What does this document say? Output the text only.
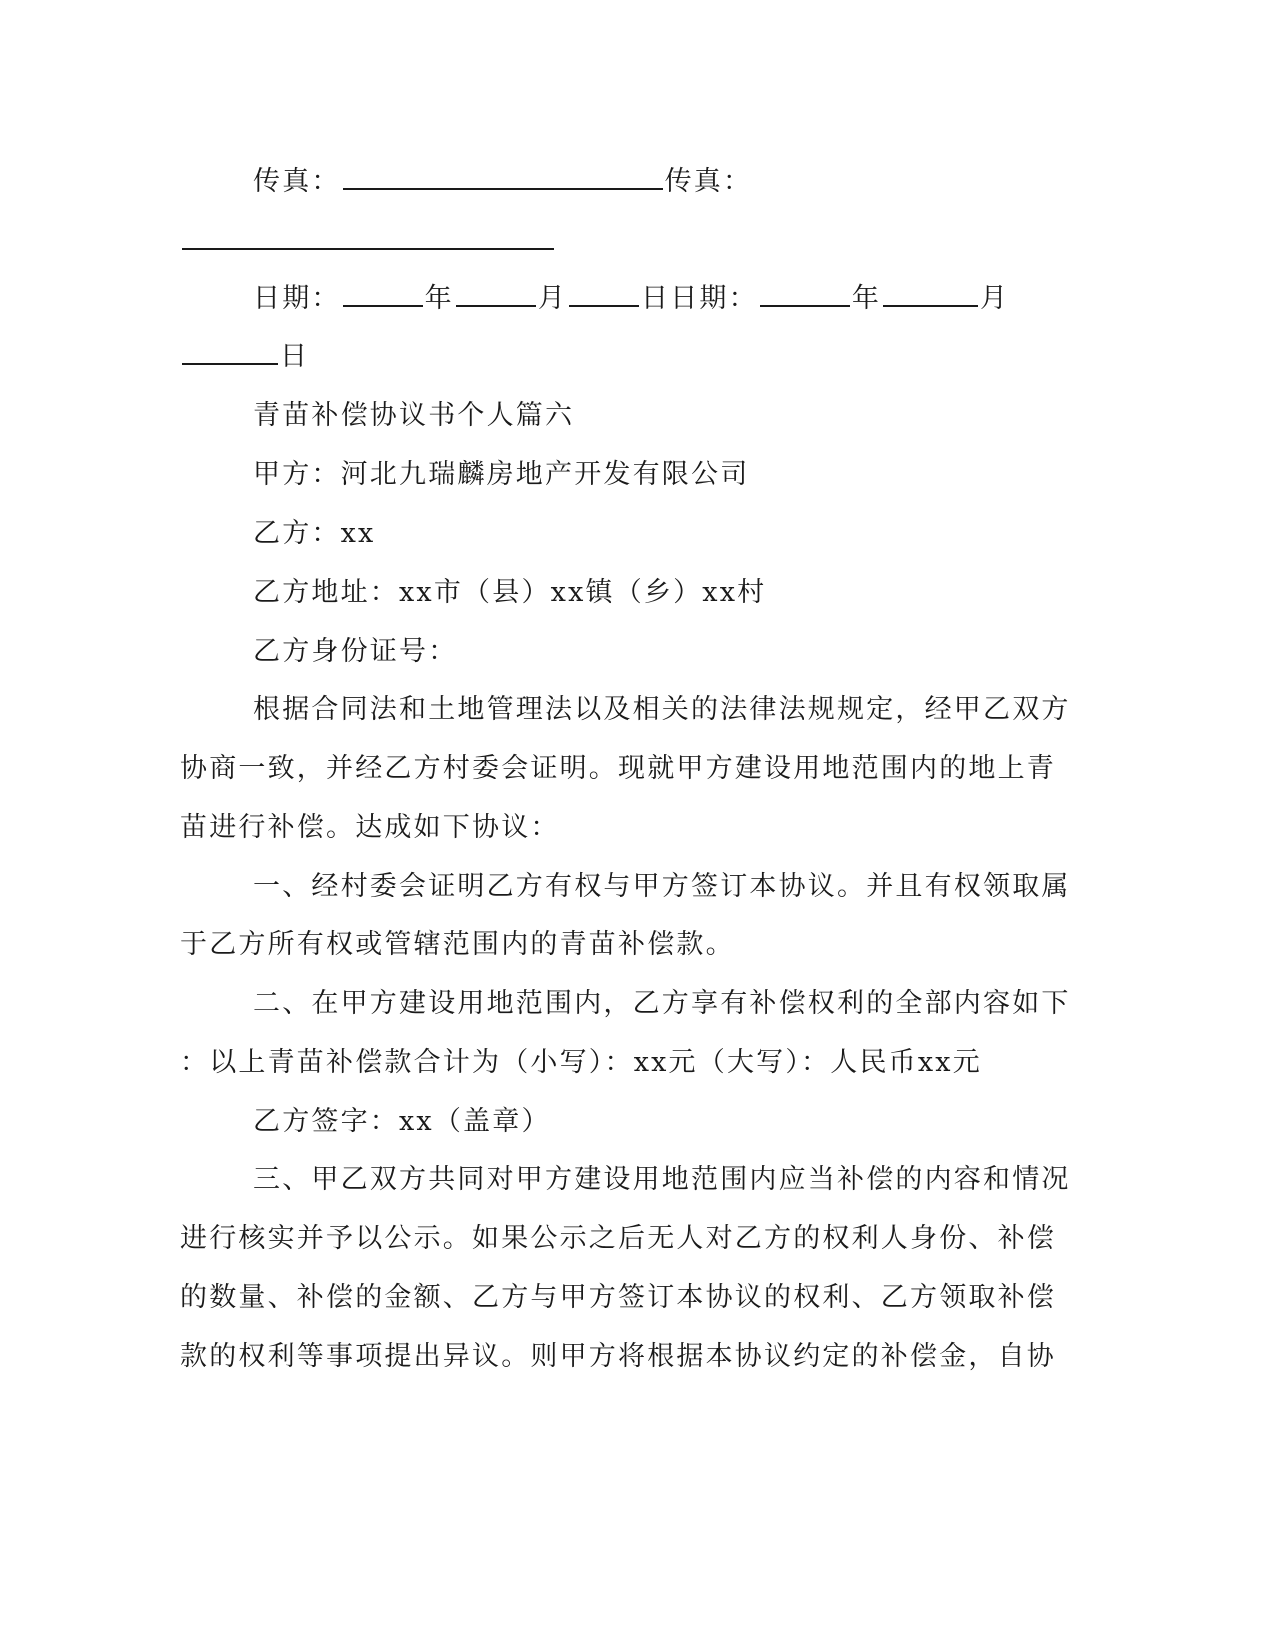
传真：	传真：
日期：	年	月	日日期：	年	月
日
青苗补偿协议书个人篇六
甲方：河北九瑞麟房地产开发有限公司
乙方：xx
乙方地址：xx市（县）xx镇（乡）xx村
乙方身份证号：
根据合同法和土地管理法以及相关的法律法规规定，经甲乙双方
协商一致，并经乙方村委会证明。现就甲方建设用地范围内的地上青
苗进行补偿。达成如下协议：
一、经村委会证明乙方有权与甲方签订本协议。并且有权领取属
于乙方所有权或管辖范围内的青苗补偿款。
二、在甲方建设用地范围内，乙方享有补偿权利的全部内容如下
：以上青苗补偿款合计为（小写）：xx元（大写）：人民币xx元
乙方签字：xx（盖章）
三、甲乙双方共同对甲方建设用地范围内应当补偿的内容和情况
进行核实并予以公示。如果公示之后无人对乙方的权利人身份、补偿
的数量、补偿的金额、乙方与甲方签订本协议的权利、乙方领取补偿
款的权利等事项提出异议。则甲方将根据本协议约定的补偿金，自协
